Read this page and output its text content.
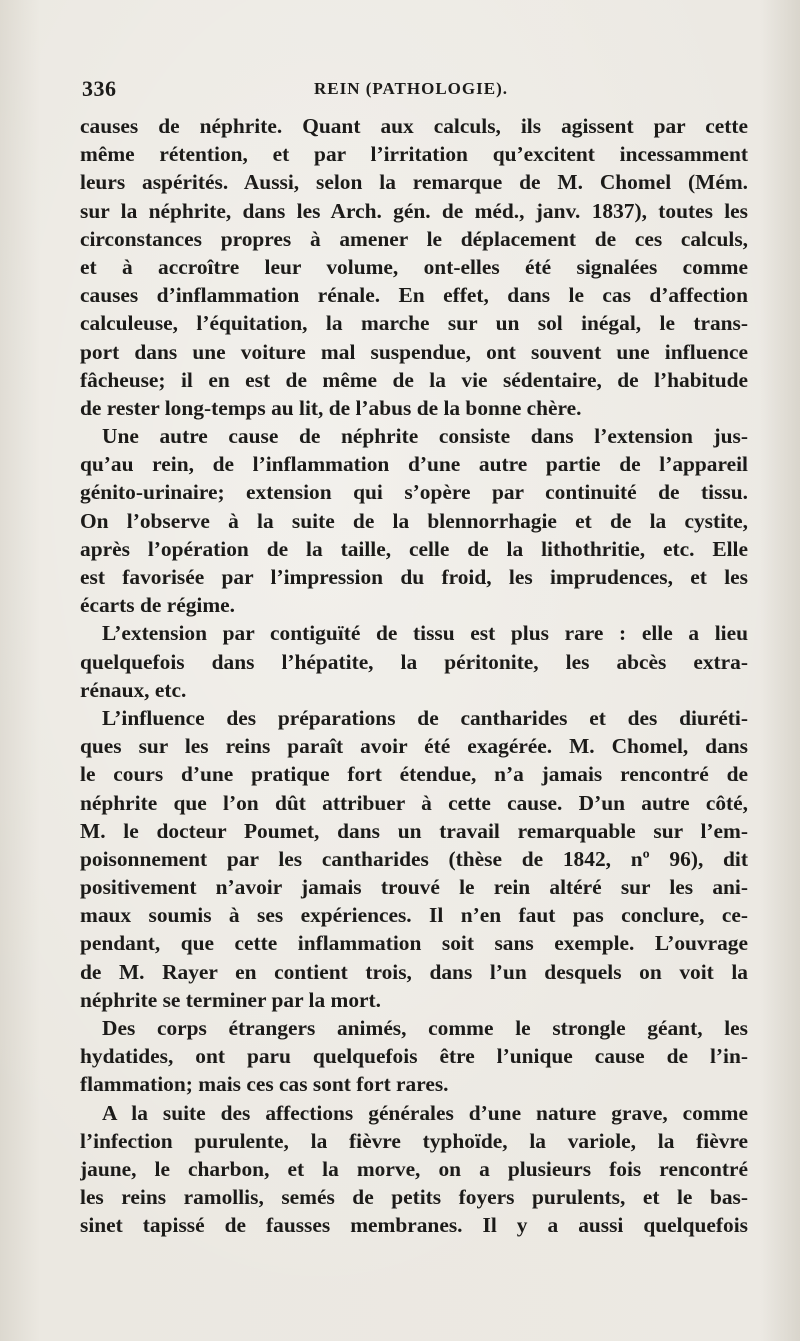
336	REIN (PATHOLOGIE).
causes de néphrite. Quant aux calculs, ils agissent par cette
même rétention, et par l’irritation qu’excitent incessamment
leurs aspérités. Aussi, selon la remarque de M. Chomel (Mém.
sur la néphrite, dans les Arch. gén. de méd., janv. 1837), toutes les
circonstances propres à amener le déplacement de ces calculs,
et à accroître leur volume, ont-elles été signalées comme
causes d’inflammation rénale. En effet, dans le cas d’affection
calculeuse, l’équitation, la marche sur un sol inégal, le trans-
port dans une voiture mal suspendue, ont souvent une influence
fâcheuse; il en est de même de la vie sédentaire, de l’habitude
de rester long-temps au lit, de l’abus de la bonne chère.
Une autre cause de néphrite consiste dans l’extension jus-
qu’au rein, de l’inflammation d’une autre partie de l’appareil
génito-urinaire; extension qui s’opère par continuité de tissu.
On l’observe à la suite de la blennorrhagie et de la cystite,
après l’opération de la taille, celle de la lithothritie, etc. Elle
est favorisée par l’impression du froid, les imprudences, et les
écarts de régime.
L’extension par contiguïté de tissu est plus rare : elle a lieu
quelquefois dans l’hépatite, la péritonite, les abcès extra-
rénaux, etc.
L’influence des préparations de cantharides et des diuréti-
ques sur les reins paraît avoir été exagérée. M. Chomel, dans
le cours d’une pratique fort étendue, n’a jamais rencontré de
néphrite que l’on dût attribuer à cette cause. D’un autre côté,
M. le docteur Poumet, dans un travail remarquable sur l’em-
poisonnement par les cantharides (thèse de 1842, nº 96), dit
positivement n’avoir jamais trouvé le rein altéré sur les ani-
maux soumis à ses expériences. Il n’en faut pas conclure, ce-
pendant, que cette inflammation soit sans exemple. L’ouvrage
de M. Rayer en contient trois, dans l’un desquels on voit la
néphrite se terminer par la mort.
Des corps étrangers animés, comme le strongle géant, les
hydatides, ont paru quelquefois être l’unique cause de l’in-
flammation; mais ces cas sont fort rares.
A la suite des affections générales d’une nature grave, comme
l’infection purulente, la fièvre typhoïde, la variole, la fièvre
jaune, le charbon, et la morve, on a plusieurs fois rencontré
les reins ramollis, semés de petits foyers purulents, et le bas-
sinet tapissé de fausses membranes. Il y a aussi quelquefois
